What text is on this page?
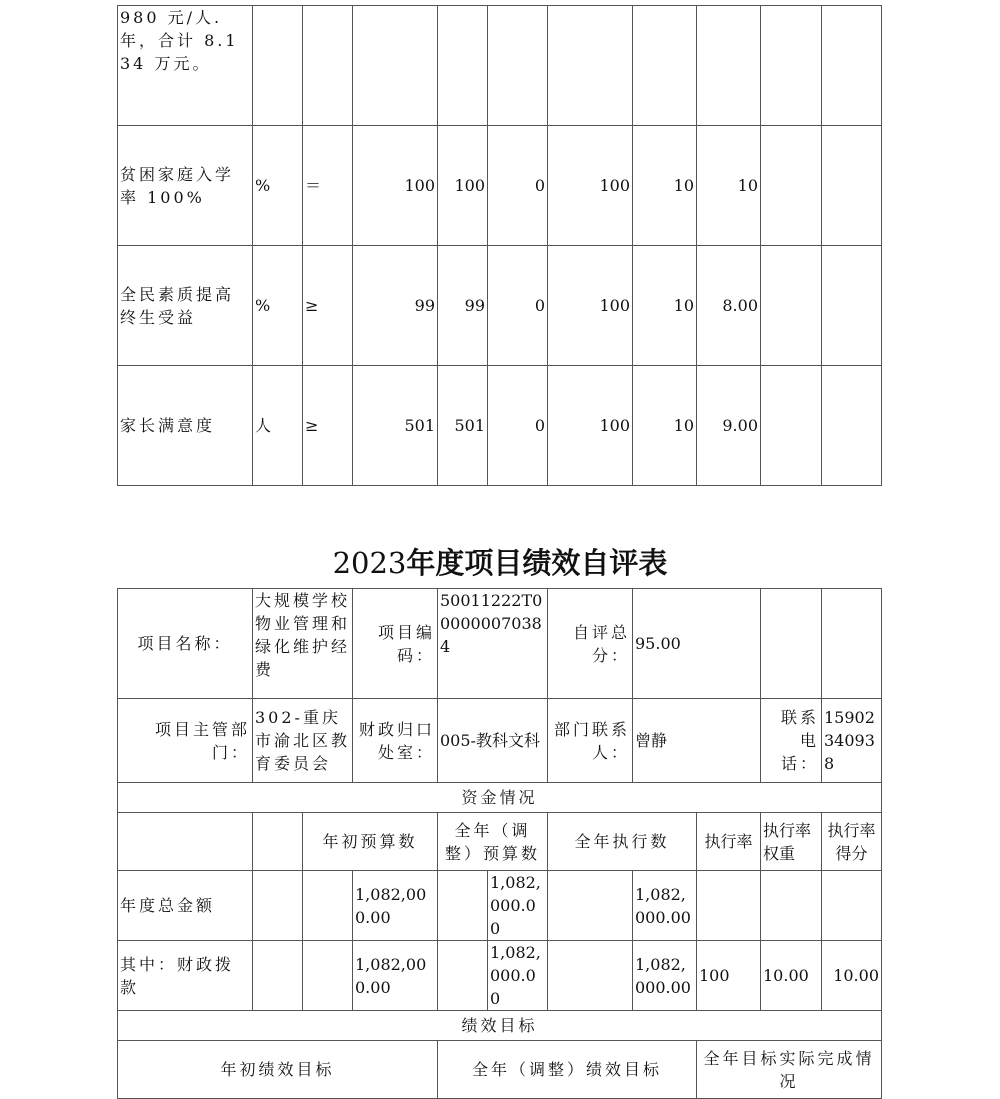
980 元/人.年，合计 8.134 万元。										
贫困家庭入学率 100%	%	＝	100	100	0	100	10	10		
全民素质提高终生受益	%	≥	99	99	0	100	10	8.00		
家长满意度	人	≥	501	501	0	100	10	9.00		
2023年度项目绩效自评表
项目名称：	大规模学校物业管理和绿化维护经费		项目编码：	50011222T000000070384		自评总分：	95.00			
项目主管部门：	302-重庆市渝北区教育委员会		财政归口处室：	005-教科文科		部门联系人：	曾静		联系电话：	15902340938
资金情况										
		年初预算数		全年（调整）预算数		全年执行数		执行率	执行率权重	执行率得分
年度总金额			1,082,000.00		1,082,000.00		1,082,000.00			
其中：财政拨款			1,082,000.00		1,082,000.00		1,082,000.00	100	10.00	10.00
绩效目标										
年初绩效目标				全年（调整）绩效目标				全年目标实际完成情况		
